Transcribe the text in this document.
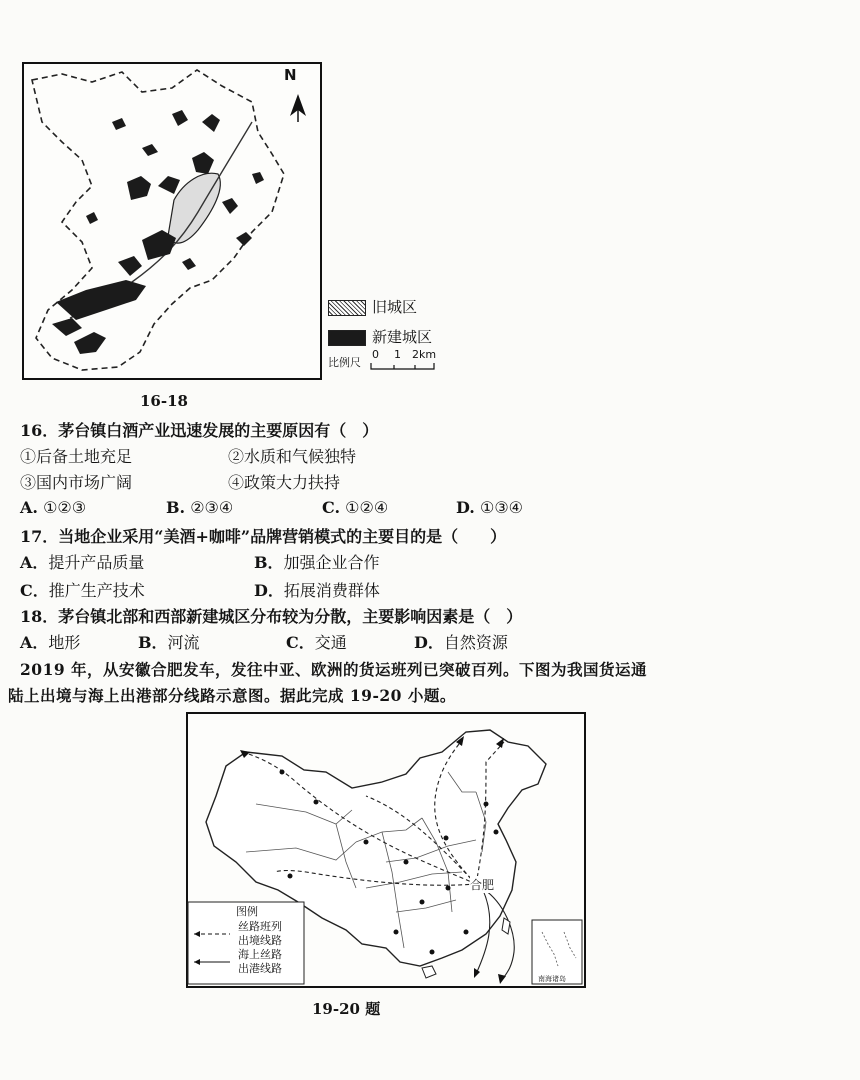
N
旧城区
新建城区
比例尺
0 1 2km
16-18
16．茅台镇白酒产业迅速发展的主要原因有（　）
①后备土地充足	②水质和气候独特
③国内市场广阔	④政策大力扶持
A. ①②③	B. ②③④	C. ①②④	D. ①③④
17．当地企业采用“美酒+咖啡”品牌营销模式的主要目的是（　　）
A．提升产品质量	B．加强企业合作
C．推广生产技术	D．拓展消费群体
18．茅台镇北部和西部新建城区分布较为分散，主要影响因素是（　）
A．地形	B．河流	C．交通	D．自然资源
2019 年，从安徽合肥发车，发往中亚、欧洲的货运班列已突破百列。下图为我国货运通
陆上出境与海上出港部分线路示意图。据此完成 19-20 小题。
合肥
图例
丝路班列
出境线路
海上丝路
出港线路
南海诸岛
19-20 题
